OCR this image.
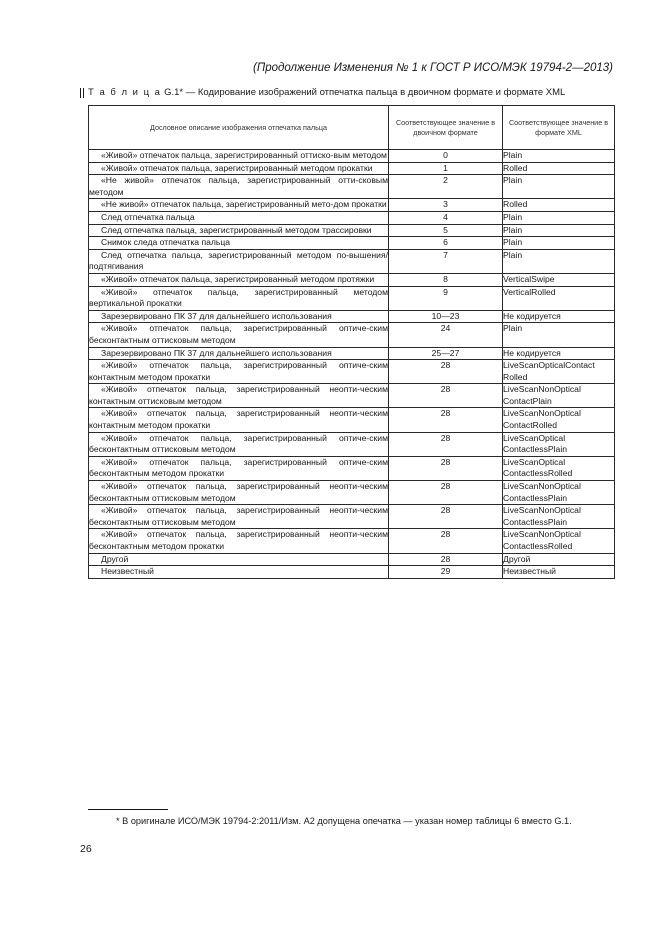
(Продолжение Изменения № 1 к ГОСТ Р ИСО/МЭК 19794-2—2013)
Т а б л и ц а G.1* — Кодирование изображений отпечатка пальца в двоичном формате и формате XML
Дословное описание изображения отпечатка пальца	Соответствующее значение в двоичном формате	Соответствующее значение в формате XML
«Живой» отпечаток пальца, зарегистрированный оттиско-вым методом	0	Plain
«Живой» отпечаток пальца, зарегистрированный методом прокатки	1	Rolled
«Не живой» отпечаток пальца, зарегистрированный отти-сковым методом	2	Plain
«Не живой» отпечаток пальца, зарегистрированный мето-дом прокатки	3	Rolled
След отпечатка пальца	4	Plain
След отпечатка пальца, зарегистрированный методом трассировки	5	Plain
Снимок следа отпечатка пальца	6	Plain
След отпечатка пальца, зарегистрированный методом по-вышения/подтягивания	7	Plain
«Живой» отпечаток пальца, зарегистрированный методом протяжки	8	VerticalSwipe
«Живой» отпечаток пальца, зарегистрированный методом вертикальной прокатки	9	VerticalRolled
Зарезервировано ПК 37 для дальнейшего использования	10—23	Не кодируется
«Живой» отпечаток пальца, зарегистрированный оптиче-ским бесконтактным оттисковым методом	24	Plain
Зарезервировано ПК 37 для дальнейшего использования	25—27	Не кодируется
«Живой» отпечаток пальца, зарегистрированный оптиче-ским контактным методом прокатки	28	LiveScanOpticalContact Rolled
«Живой» отпечаток пальца, зарегистрированный неопти-ческим контактным оттисковым методом	28	LiveScanNonOptical ContactPlain
«Живой» отпечаток пальца, зарегистрированный неопти-ческим контактным методом прокатки	28	LiveScanNonOptical ContactRolled
«Живой» отпечаток пальца, зарегистрированный оптиче-ским бесконтактным оттисковым методом	28	LiveScanOptical ContactlessPlain
«Живой» отпечаток пальца, зарегистрированный оптиче-ским бесконтактным методом прокатки	28	LiveScanOptical ContactlessRolled
«Живой» отпечаток пальца, зарегистрированный неопти-ческим бесконтактным оттисковым методом	28	LiveScanNonOptical ContactlessPlain
«Живой» отпечаток пальца, зарегистрированный неопти-ческим бесконтактным оттисковым методом	28	LiveScanNonOptical ContactlessPlain
«Живой» отпечаток пальца, зарегистрированный неопти-ческим бесконтактным методом прокатки	28	LiveScanNonOptical ContactlessRolled
Другой	28	Другой
Неизвестный	29	Неизвестный
* В оригинале ИСО/МЭК 19794-2:2011/Изм. А2 допущена опечатка — указан номер таблицы 6 вместо G.1.
26
